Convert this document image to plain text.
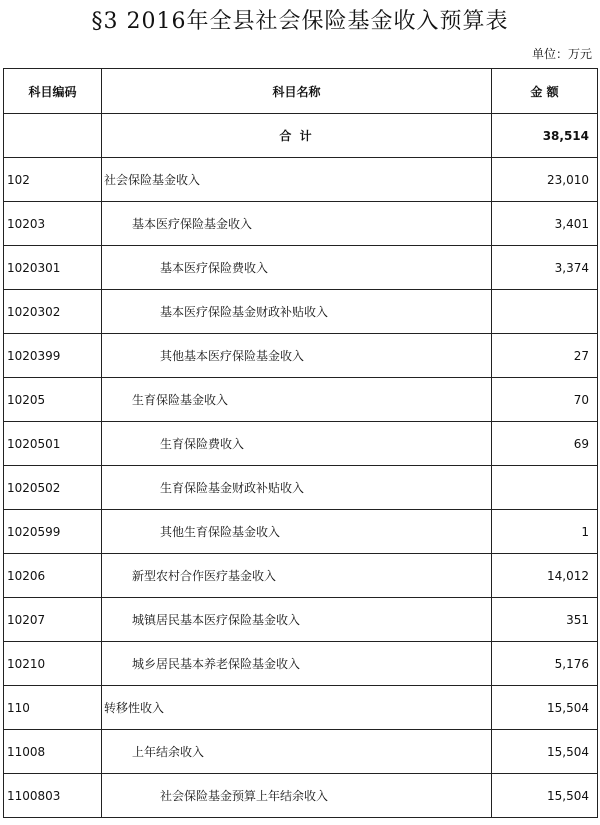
§3 2016年全县社会保险基金收入预算表
单位：万元
科目编码	科目名称	金 额
	合 计	38,514
102	社会保险基金收入	23,010
10203	基本医疗保险基金收入	3,401
1020301	基本医疗保险费收入	3,374
1020302	基本医疗保险基金财政补贴收入	
1020399	其他基本医疗保险基金收入	27
10205	生育保险基金收入	70
1020501	生育保险费收入	69
1020502	生育保险基金财政补贴收入	
1020599	其他生育保险基金收入	1
10206	新型农村合作医疗基金收入	14,012
10207	城镇居民基本医疗保险基金收入	351
10210	城乡居民基本养老保险基金收入	5,176
110	转移性收入	15,504
11008	上年结余收入	15,504
1100803	社会保险基金预算上年结余收入	15,504
